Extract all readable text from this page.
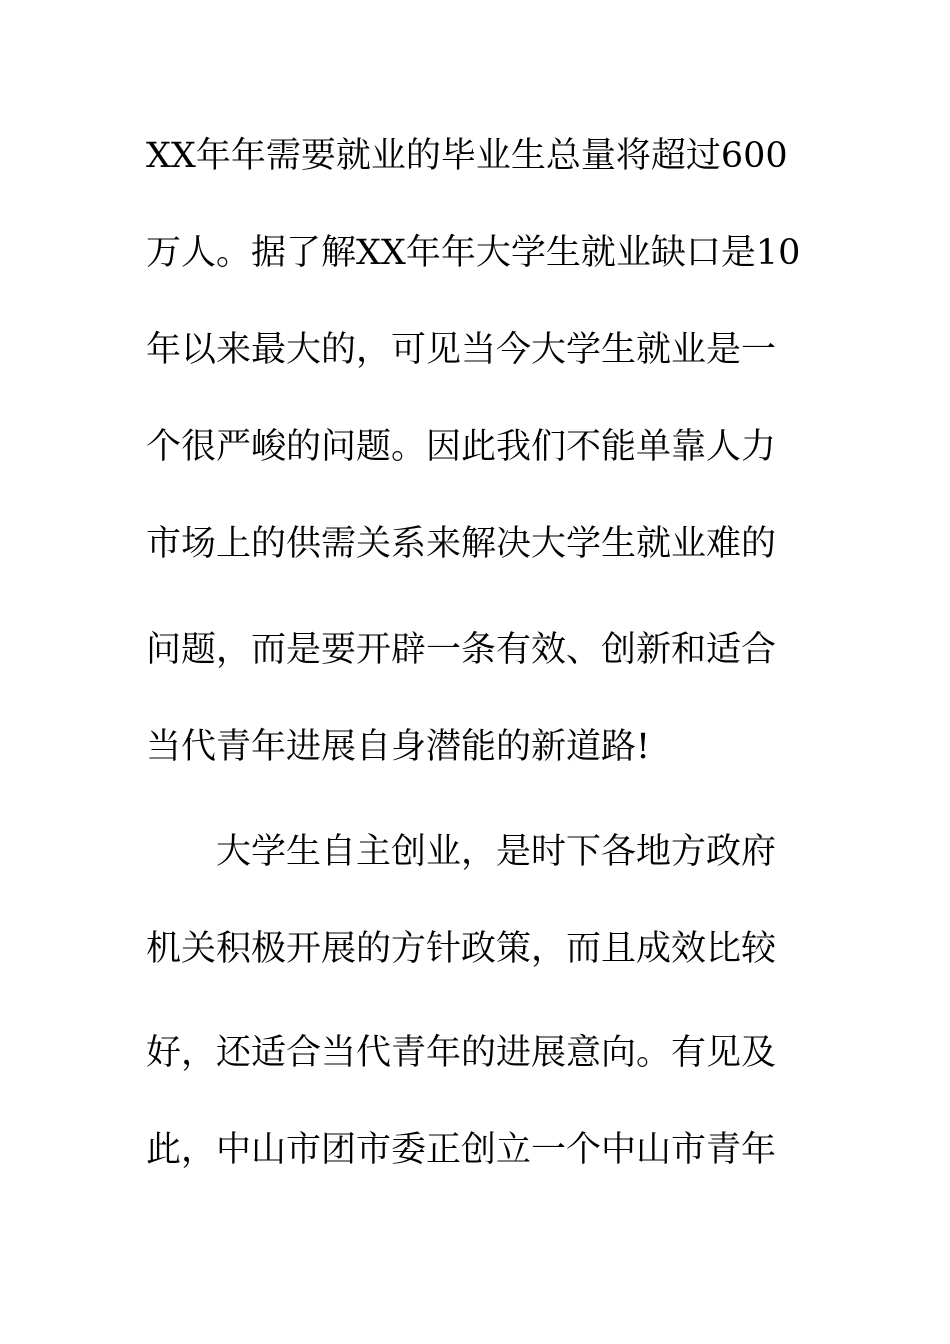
XX年年需要就业的毕业生总量将超过600
万人。据了解XX年年大学生就业缺口是10
年以来最大的，可见当今大学生就业是一
个很严峻的问题。因此我们不能单靠人力
市场上的供需关系来解决大学生就业难的
问题，而是要开辟一条有效、创新和适合
当代青年进展自身潜能的新道路!
大学生自主创业，是时下各地方政府
机关积极开展的方针政策，而且成效比较
好，还适合当代青年的进展意向。有见及
此，中山市团市委正创立一个中山市青年
